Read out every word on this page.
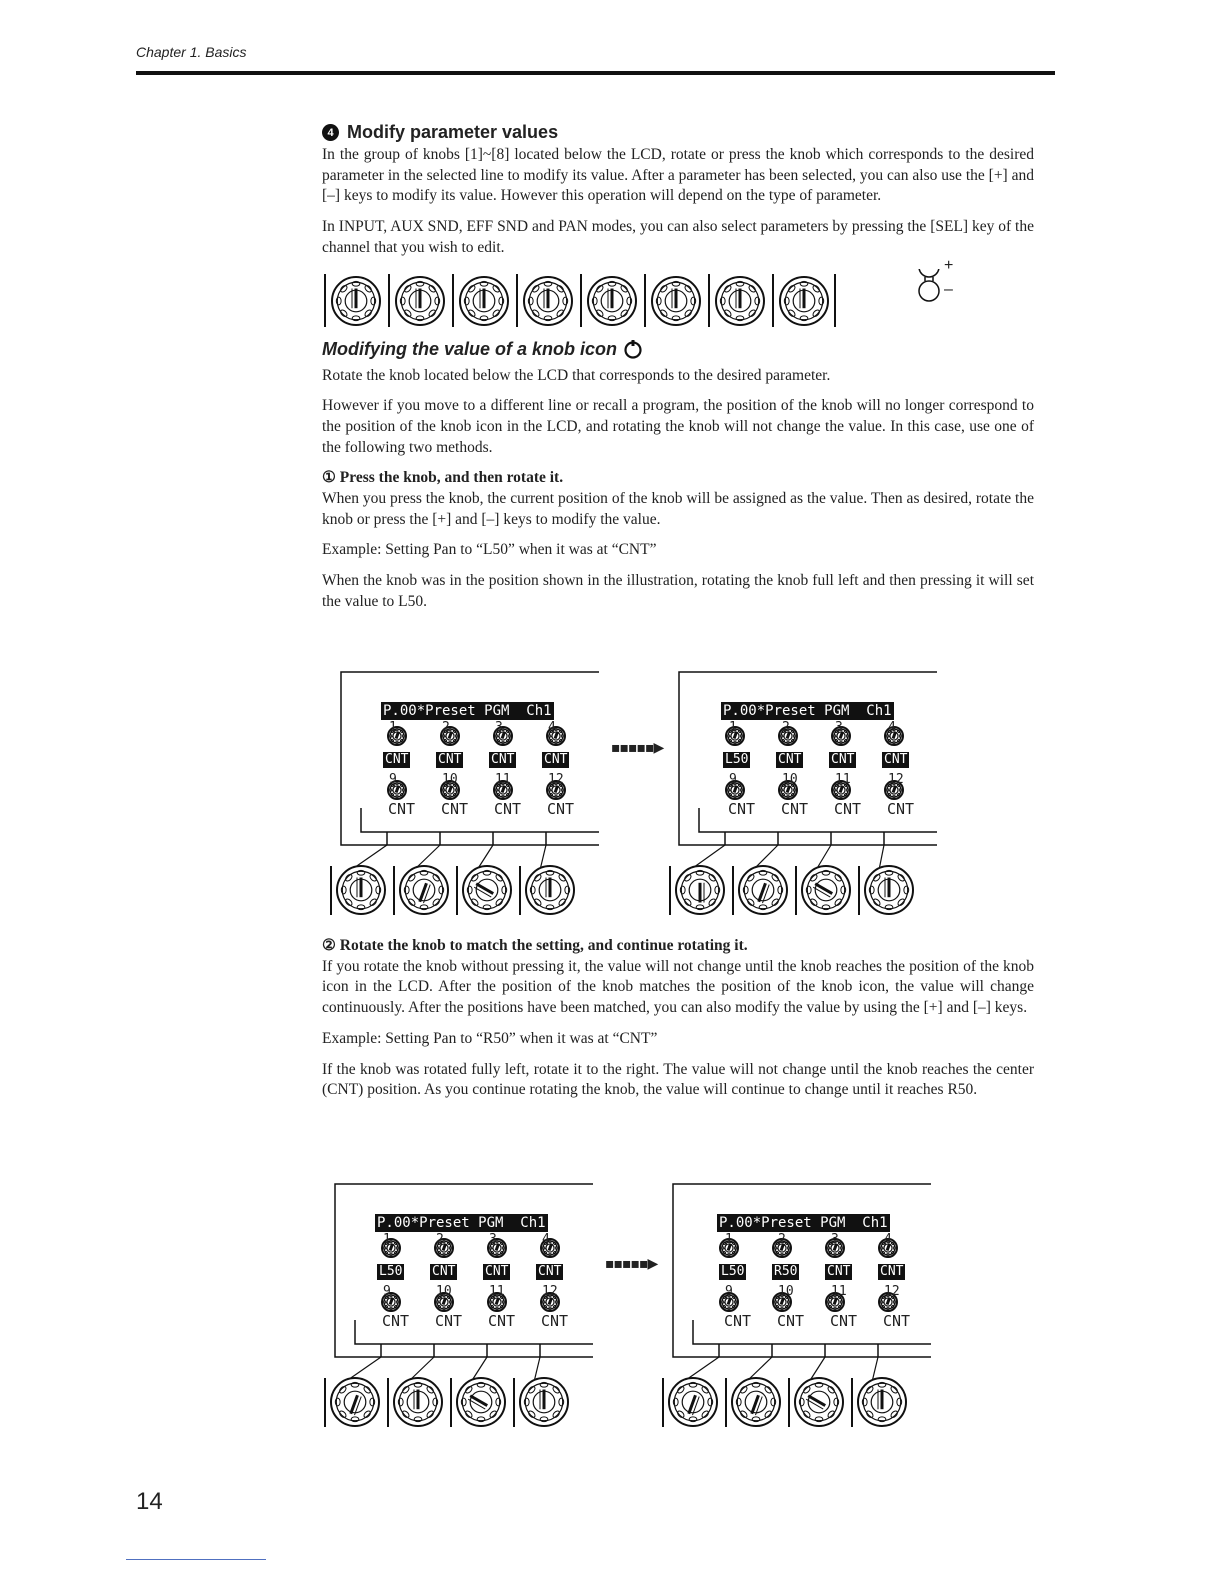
Chapter 1. Basics
4 Modify parameter values

In the group of knobs [1]~[8] located below the LCD, rotate or press the knob which corresponds to the desired parameter in the selected line to modify its value. After a parameter has been selected, you can also use the [+] and [–] keys to modify its value. However this operation will depend on the type of parameter.

In INPUT, AUX SND, EFF SND and PAN modes, you can also select parameters by pressing the [SEL] key of the channel that you wish to edit.

+
–
Modifying the value of a knob icon

Rotate the knob located below the LCD that corresponds to the desired parameter.

However if you move to a different line or recall a program, the position of the knob will no longer correspond to the position of the knob icon in the LCD, and rotating the knob will not change the value. In this case, use one of the following two methods.

① Press the knob, and then rotate it.

When you press the knob, the current position of the knob will be assigned as the value. Then as desired, rotate the knob or press the [+] and [–] keys to modify the value.

Example: Setting Pan to “L50” when it was at “CNT”

When the knob was in the position shown in the illustration, rotating the knob full left and then pressing it will set the value to L50.

P.00*Preset PGM  Ch1
1
CNT
9
CNT
2
CNT
10
CNT
3
CNT
11
CNT
4
CNT
12
CNT
P.00*Preset PGM  Ch1
1
L50
9
CNT
2
CNT
10
CNT
3
CNT
11
CNT
4
CNT
12
CNT
▪▪▪▪▪▶

② Rotate the knob to match the setting, and continue rotating it.

If you rotate the knob without pressing it, the value will not change until the knob reaches the position of the knob icon in the LCD. After the position of the knob matches the position of the knob icon, the value will change continuously. After the positions have been matched, you can also modify the value by using the [+] and [–] keys.

Example: Setting Pan to “R50” when it was at “CNT”

If the knob was rotated fully left, rotate it to the right. The value will not change until the knob reaches the center (CNT) position. As you continue rotating the knob, the value will continue to change until it reaches R50.

P.00*Preset PGM  Ch1
1
L50
9
CNT
2
CNT
10
CNT
3
CNT
11
CNT
4
CNT
12
CNT
P.00*Preset PGM  Ch1
1
L50
9
CNT
2
R50
10
CNT
3
CNT
11
CNT
4
CNT
12
CNT
▪▪▪▪▪▶
14
